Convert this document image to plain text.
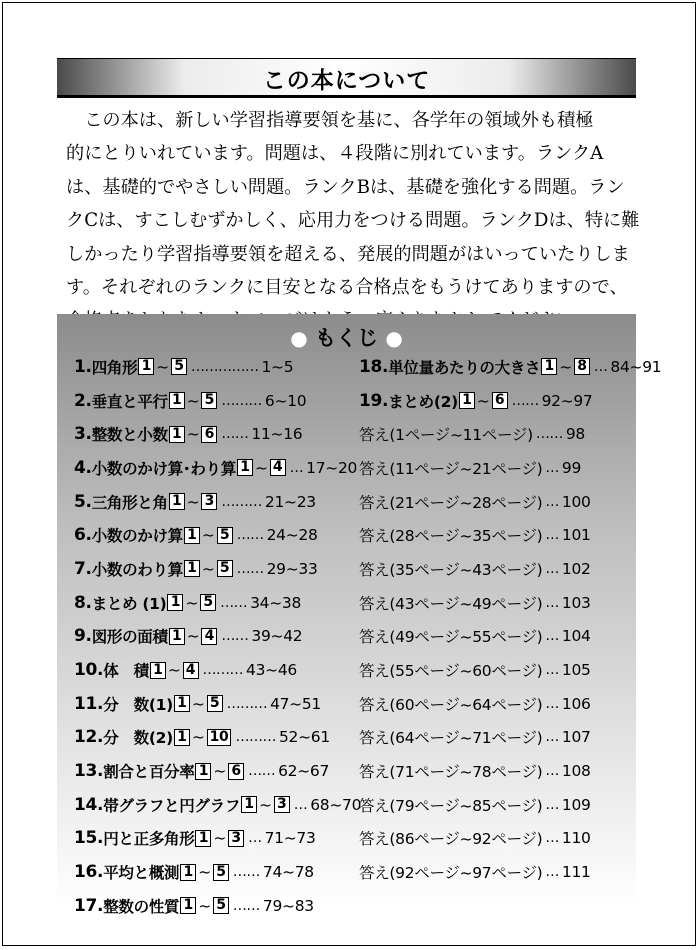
この本について
　この本は、新しい学習指導要領を基に、各学年の領域外も積極
的にとりいれています。問題は、４段階に別れています。ランクA
は、基礎的でやさしい問題。ランクBは、基礎を強化する問題。ラン
クCは、すこしむずかしく、応用力をつける問題。ランクDは、特に難
しかったり学習指導要領を超える、発展的問題がはいっていたりしま
す。それぞれのランクに目安となる合格点をもうけてありますので、
● もくじ ●
1. 四角形 1 ~ 5 …………… 1~5
2. 垂直と平行 1 ~ 5 ……… 6~10
3. 整数と小数 1 ~ 6 …… 11~16
4. 小数のかけ算･わり算 1 ~ 4 … 17~20
5. 三角形と角 1 ~ 3 ……… 21~23
6. 小数のかけ算 1 ~ 5 …… 24~28
7. 小数のわり算 1 ~ 5 …… 29~33
8. まとめ (1) 1 ~ 5 …… 34~38
9. 図形の面積 1 ~ 4 …… 39~42
10. 体　積 1 ~ 4 ……… 43~46
11. 分　数(1) 1 ~ 5 ……… 47~51
12. 分　数(2) 1 ~ 10 ……… 52~61
13. 割合と百分率 1 ~ 6 …… 62~67
14. 帯グラフと円グラフ 1 ~ 3 … 68~70
15. 円と正多角形 1 ~ 3 … 71~73
16. 平均と概測 1 ~ 5 …… 74~78
17. 整数の性質 1 ~ 5 …… 79~83
18. 単位量あたりの大きさ 1 ~ 8 … 84~91
19. まとめ(2) 1 ~ 6 …… 92~97
答え(1ページ~11ページ) …… 98
答え(11ページ~21ページ) … 99
答え(21ページ~28ページ) … 100
答え(28ページ~35ページ) … 101
答え(35ページ~43ページ) … 102
答え(43ページ~49ページ) … 103
答え(49ページ~55ページ) … 104
答え(55ページ~60ページ) … 105
答え(60ページ~64ページ) … 106
答え(64ページ~71ページ) … 107
答え(71ページ~78ページ) … 108
答え(79ページ~85ページ) … 109
答え(86ページ~92ページ) … 110
答え(92ページ~97ページ) … 111
